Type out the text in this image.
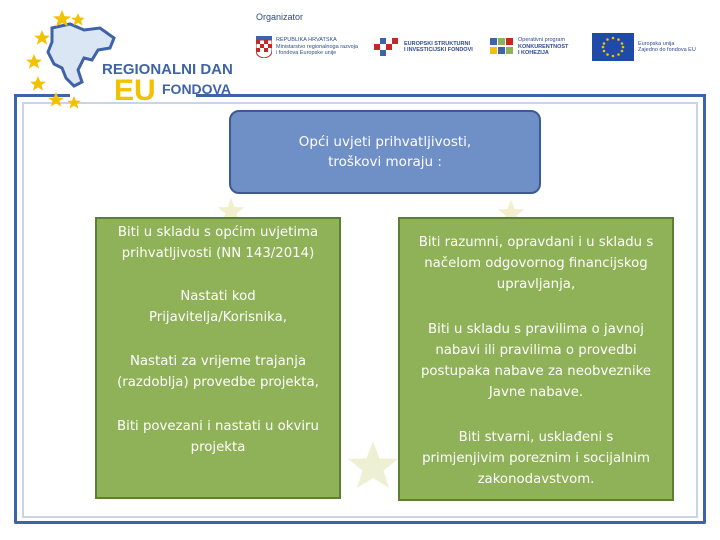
REGIONALNI DANI
EU FONDOVA
Organizator
REPUBLIKA HRVATSKA
Ministarstvo regionalnoga razvoja
i fondova Europske unije
EUROPSKI STRUKTURNI
I INVESTICIJSKI FONDOVI
Operativni program
KONKURENTNOST
I KOHEZIJA
Europska unija
Zajedno do fondova EU
Opći uvjeti prihvatljivosti,
troškovi moraju :
Biti u skladu s općim uvjetima
prihvatljivosti (NN 143/2014)
Nastati kod
Prijavitelja/Korisnika,
Nastati za vrijeme trajanja
(razdoblja) provedbe projekta,
Biti povezani i nastati u okviru
projekta
Biti razumni, opravdani i u skladu s
načelom odgovornog financijskog
upravljanja,
Biti u skladu s pravilima o javnoj
nabavi ili pravilima o provedbi
postupaka nabave za neobveznike
Javne nabave.
Biti stvarni, usklađeni s
primjenjivim poreznim i socijalnim
zakonodavstvom.
